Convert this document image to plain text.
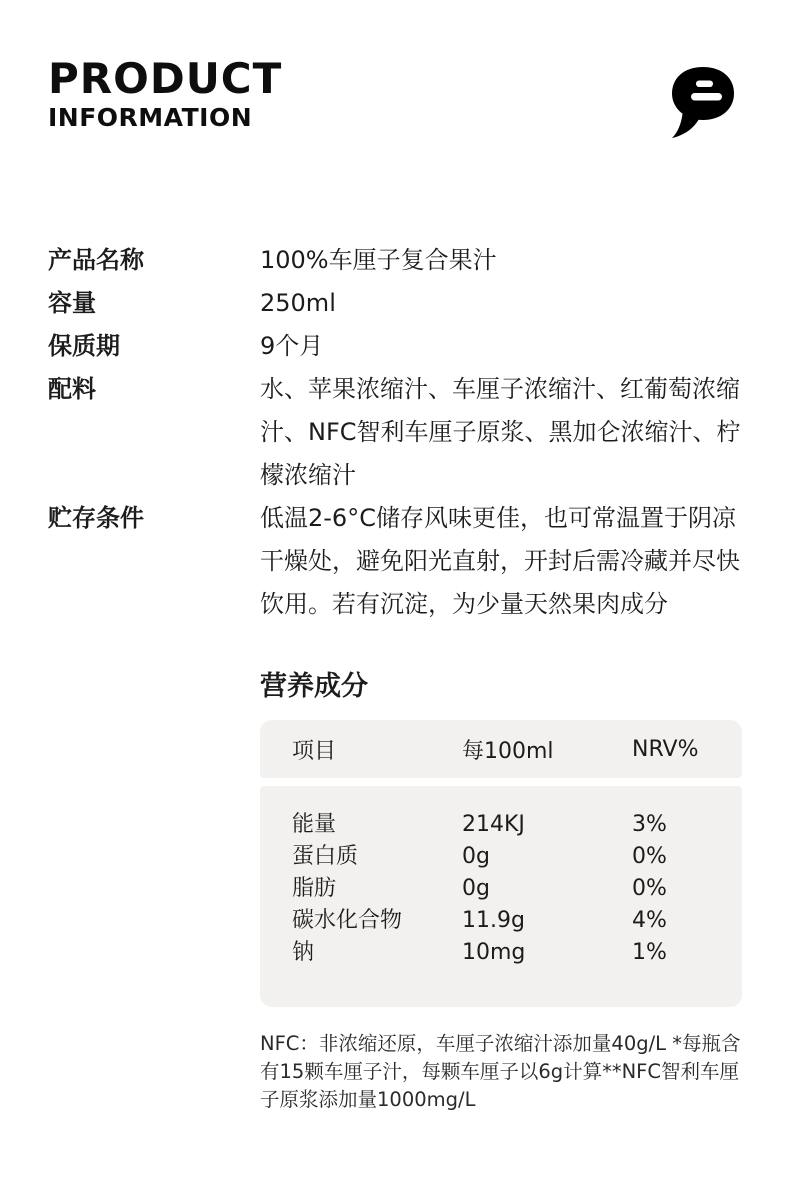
PRODUCT
INFORMATION
产品名称	100%车厘子复合果汁
容量	250ml
保质期	9个月
配料	水、苹果浓缩汁、车厘子浓缩汁、红葡萄浓缩汁、NFC智利车厘子原浆、黑加仑浓缩汁、柠檬浓缩汁
贮存条件	低温2-6°C储存风味更佳，也可常温置于阴凉干燥处，避免阳光直射，开封后需冷藏并尽快饮用。若有沉淀，为少量天然果肉成分
营养成分
项目	每100ml	NRV%
能量	214KJ	3%
蛋白质	0g	0%
脂肪	0g	0%
碳水化合物	11.9g	4%
钠	10mg	1%
NFC：非浓缩还原，车厘子浓缩汁添加量40g/L *每瓶含有15颗车厘子汁，每颗车厘子以6g计算**NFC智利车厘子原浆添加量1000mg/L
